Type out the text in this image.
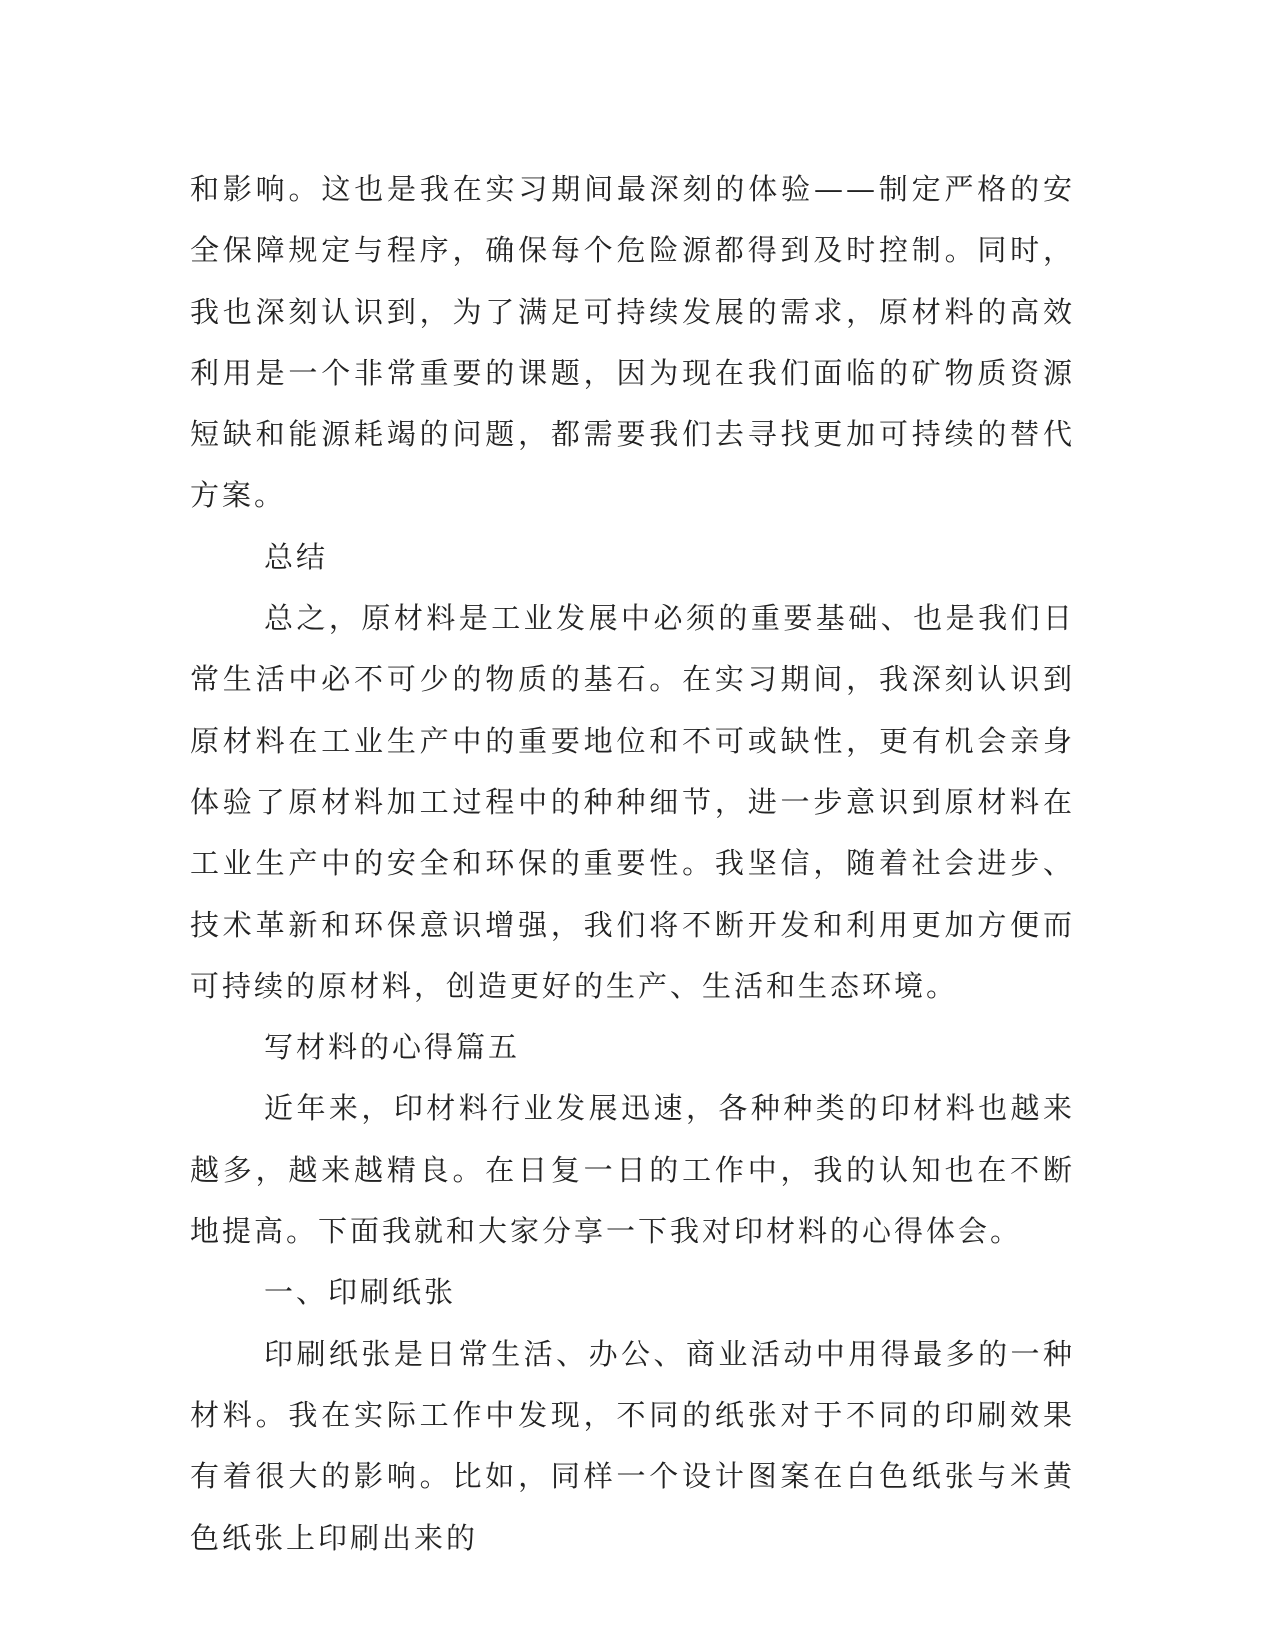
和影响。这也是我在实习期间最深刻的体验——制定严格的安全保障规定与程序，确保每个危险源都得到及时控制。同时，我也深刻认识到，为了满足可持续发展的需求，原材料的高效利用是一个非常重要的课题，因为现在我们面临的矿物质资源短缺和能源耗竭的问题，都需要我们去寻找更加可持续的替代方案。

总结

总之，原材料是工业发展中必须的重要基础、也是我们日常生活中必不可少的物质的基石。在实习期间，我深刻认识到原材料在工业生产中的重要地位和不可或缺性，更有机会亲身体验了原材料加工过程中的种种细节，进一步意识到原材料在工业生产中的安全和环保的重要性。我坚信，随着社会进步、技术革新和环保意识增强，我们将不断开发和利用更加方便而可持续的原材料，创造更好的生产、生活和生态环境。

写材料的心得篇五

近年来，印材料行业发展迅速，各种种类的印材料也越来越多，越来越精良。在日复一日的工作中，我的认知也在不断地提高。下面我就和大家分享一下我对印材料的心得体会。

一、印刷纸张

印刷纸张是日常生活、办公、商业活动中用得最多的一种材料。我在实际工作中发现，不同的纸张对于不同的印刷效果有着很大的影响。比如，同样一个设计图案在白色纸张与米黄色纸张上印刷出来的
